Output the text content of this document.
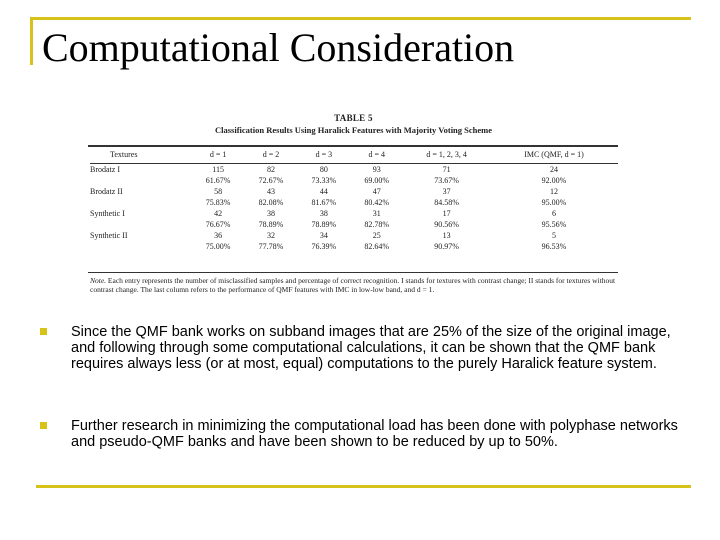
Computational Consideration
TABLE 5
Classification Results Using Haralick Features with Majority Voting Scheme
Textures	d = 1	d = 2	d = 3	d = 4	d = 1, 2, 3, 4	IMC (QMF, d = 1)
Brodatz I	115	82	80	93	71	24
	61.67%	72.67%	73.33%	69.00%	73.67%	92.00%
Brodatz II	58	43	44	47	37	12
	75.83%	82.08%	81.67%	80.42%	84.58%	95.00%
Synthetic I	42	38	38	31	17	6
	76.67%	78.89%	78.89%	82.78%	90.56%	95.56%
Synthetic II	36	32	34	25	13	5
	75.00%	77.78%	76.39%	82.64%	90.97%	96.53%
Note. Each entry represents the number of misclassified samples and percentage of correct recognition. I stands for textures with contrast change; II stands for textures without contrast change. The last column refers to the performance of QMF features with IMC in low-low band, and d = 1.
Since the QMF bank works on subband images that are 25% of the size of the original image, and following through some computational calculations, it can be shown that the QMF bank requires always less (or at most, equal) computations to the purely Haralick feature system.
Further research in minimizing the computational load has been done with polyphase networks and pseudo-QMF banks and have been shown to be reduced by up to 50%.
